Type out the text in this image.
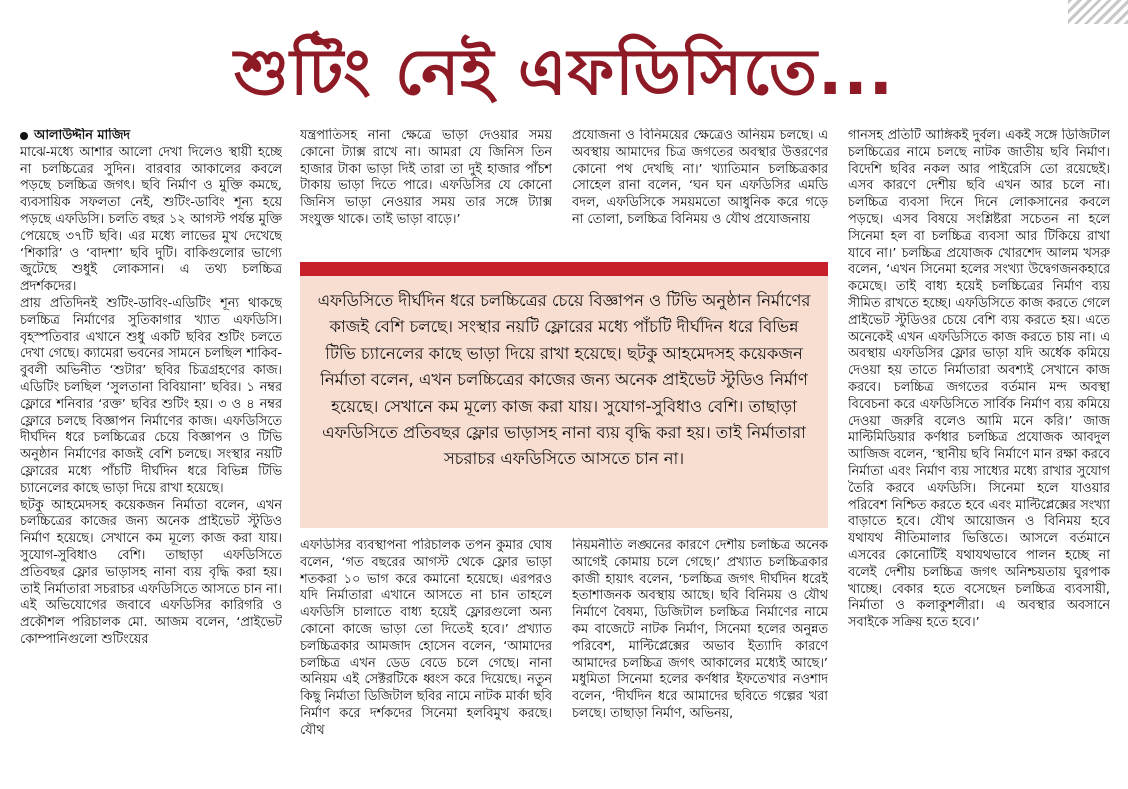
শুটিং নেই এফডিসিতে...

আলাউদ্দীন মাজিদ

মাঝে-মধ্যে আশার আলো দেখা দিলেও স্থায়ী হচ্ছে না চলচ্চিত্রের সুদিন। বারবার আকালের কবলে পড়ছে চলচ্চিত্র জগৎ। ছবি নির্মাণ ও মুক্তি কমছে, ব্যবসায়িক সফলতা নেই, শুটিং-ডাবিং শূন্য হয়ে পড়ছে এফডিসি। চলতি বছর ১২ আগস্ট পর্যন্ত মুক্তি পেয়েছে ৩৭টি ছবি। এর মধ্যে লাভের মুখ দেখেছে ‘শিকারি’ ও ‘বাদশা’ ছবি দুটি। বাকিগুলোর ভাগ্যে জুটেছে শুধুই লোকসান। এ তথ্য চলচ্চিত্র প্রদর্শকদের।

প্রায় প্রতিদিনই শুটিং-ডাবিং-এডিটিং শূন্য থাকছে চলচ্চিত্র নির্মাণের সুতিকাগার খ্যাত এফডিসি। বৃহস্পতিবার এখানে শুধু একটি ছবির শুটিং চলতে দেখা গেছে। ক্যামেরা ভবনের সামনে চলছিল শাকিব-বুবলী অভিনীত ‘শুটার’ ছবির চিত্রগ্রহণের কাজ। এডিটিং চলছিল ‘সুলতানা বিবিয়ানা’ ছবির। ১ নম্বর ফ্লোরে শনিবার ‘রক্ত’ ছবির শুটিং হয়। ৩ ও ৪ নম্বর ফ্লোরে চলছে বিজ্ঞাপন নির্মাণের কাজ। এফডিসিতে দীর্ঘদিন ধরে চলচ্চিত্রের চেয়ে বিজ্ঞাপন ও টিভি অনুষ্ঠান নির্মাণের কাজই বেশি চলছে। সংস্থার নয়টি ফ্লোরের মধ্যে পাঁচটি দীর্ঘদিন ধরে বিভিন্ন টিভি চ্যানেলের কাছে ভাড়া দিয়ে রাখা হয়েছে।

ছটকু আহমেদসহ কয়েকজন নির্মাতা বলেন, এখন চলচ্চিত্রের কাজের জন্য অনেক প্রাইভেট স্টুডিও নির্মাণ হয়েছে। সেখানে কম মূল্যে কাজ করা যায়। সুযোগ-সুবিধাও বেশি। তাছাড়া এফডিসিতে প্রতিবছর ফ্লোর ভাড়াসহ নানা ব্যয় বৃদ্ধি করা হয়। তাই নির্মাতারা সচরাচর এফডিসিতে আসতে চান না।

এই অভিযোগের জবাবে এফডিসির কারিগরি ও প্রকৌশল পরিচালক মো. আজম বলেন, ‘প্রাইভেট কোম্পানিগুলো শুটিংয়ের

যন্ত্রপাতিসহ নানা ক্ষেত্রে ভাড়া দেওয়ার সময় কোনো ট্যাক্স রাখে না। আমরা যে জিনিস তিন হাজার টাকা ভাড়া দিই তারা তা দুই হাজার পাঁচশ টাকায় ভাড়া দিতে পারে। এফডিসির যে কোনো জিনিস ভাড়া নেওয়ার সময় তার সঙ্গে ট্যাক্স সংযুক্ত থাকে। তাই ভাড়া বাড়ে।’

প্রযোজনা ও বিনিময়ের ক্ষেত্রেও অনিয়ম চলছে। এ অবস্থায় আমাদের চিত্র জগতের অবস্থার উত্তরণের কোনো পথ দেখছি না।’ খ্যাতিমান চলচ্চিত্রকার সোহেল রানা বলেন, ‘ঘন ঘন এফডিসির এমডি বদল, এফডিসিকে সময়মতো আধুনিক করে গড়ে না তোলা, চলচ্চিত্র বিনিময় ও যৌথ প্রযোজনায়

এফডিসিতে দীর্ঘদিন ধরে চলচ্চিত্রের চেয়ে বিজ্ঞাপন ও টিভি অনুষ্ঠান নির্মাণের কাজই বেশি চলছে। সংস্থার নয়টি ফ্লোরের মধ্যে পাঁচটি দীর্ঘদিন ধরে বিভিন্ন টিভি চ্যানেলের কাছে ভাড়া দিয়ে রাখা হয়েছে। ছটকু আহমেদসহ কয়েকজন নির্মাতা বলেন, এখন চলচ্চিত্রের কাজের জন্য অনেক প্রাইভেট স্টুডিও নির্মাণ হয়েছে। সেখানে কম মূল্যে কাজ করা যায়। সুযোগ-সুবিধাও বেশি। তাছাড়া এফডিসিতে প্রতিবছর ফ্লোর ভাড়াসহ নানা ব্যয় বৃদ্ধি করা হয়। তাই নির্মাতারা সচরাচর এফডিসিতে আসতে চান না।

এফডিসির ব্যবস্থাপনা পরিচালক তপন কুমার ঘোষ বলেন, ‘গত বছরের আগস্ট থেকে ফ্লোর ভাড়া শতকরা ১০ ভাগ করে কমানো হয়েছে। এরপরও যদি নির্মাতারা এখানে আসতে না চান তাহলে এফডিসি চালাতে বাধ্য হয়েই ফ্লোরগুলো অন্য কোনো কাজে ভাড়া তো দিতেই হবে।’ প্রখ্যাত চলচ্চিত্রকার আমজাদ হোসেন বলেন, ‘আমাদের চলচ্চিত্র এখন ডেড বেডে চলে গেছে। নানা অনিয়ম এই সেক্টরটিকে ধ্বংস করে দিয়েছে। নতুন কিছু নির্মাতা ডিজিটাল ছবির নামে নাটক মার্কা ছবি নির্মাণ করে দর্শকদের সিনেমা হলবিমুখ করছে। যৌথ

নিয়মনীতি লঙ্ঘনের কারণে দেশীয় চলচ্চিত্র অনেক আগেই কোমায় চলে গেছে।’ প্রখ্যাত চলচ্চিত্রকার কাজী হায়াৎ বলেন, ‘চলচ্চিত্র জগৎ দীর্ঘদিন ধরেই হতাশাজনক অবস্থায় আছে। ছবি বিনিময় ও যৌথ নির্মাণে বৈষম্য, ডিজিটাল চলচ্চিত্র নির্মাণের নামে কম বাজেটে নাটক নির্মাণ, সিনেমা হলের অনুন্নত পরিবেশ, মাল্টিপ্লেক্সের অভাব ইত্যাদি কারণে আমাদের চলচ্চিত্র জগৎ আকালের মধ্যেই আছে।’ মধুমিতা সিনেমা হলের কর্ণধার ইফতেখার নওশাদ বলেন, ‘দীর্ঘদিন ধরে আমাদের ছবিতে গল্পের খরা চলছে। তাছাড়া নির্মাণ, অভিনয়,

গানসহ প্রতিটি আঙ্গিকই দুর্বল। একই সঙ্গে ডিজিটাল চলচ্চিত্রের নামে চলছে নাটক জাতীয় ছবি নির্মাণ। বিদেশি ছবির নকল আর পাইরেসি তো রয়েছেই। এসব কারণে দেশীয় ছবি এখন আর চলে না। চলচ্চিত্র ব্যবসা দিনে দিনে লোকসানের কবলে পড়ছে। এসব বিষয়ে সংশ্লিষ্টরা সচেতন না হলে সিনেমা হল বা চলচ্চিত্র ব্যবসা আর টিকিয়ে রাখা যাবে না।’ চলচ্চিত্র প্রযোজক খোরশেদ আলম খসরু বলেন, ‘এখন সিনেমা হলের সংখ্যা উদ্বেগজনকহারে কমেছে। তাই বাধ্য হয়েই চলচ্চিত্রের নির্মাণ ব্যয় সীমিত রাখতে হচ্ছে। এফডিসিতে কাজ করতে গেলে প্রাইভেট স্টুডিওর চেয়ে বেশি ব্যয় করতে হয়। এতে অনেকেই এখন এফডিসিতে কাজ করতে চায় না। এ অবস্থায় এফডিসির ফ্লোর ভাড়া যদি অর্ধেক কমিয়ে দেওয়া হয় তাতে নির্মাতারা অবশ্যই সেখানে কাজ করবে। চলচ্চিত্র জগতের বর্তমান মন্দ অবস্থা বিবেচনা করে এফডিসিতে সার্বিক নির্মাণ ব্যয় কমিয়ে দেওয়া জরুরি বলেও আমি মনে করি।’ জাজ মাল্টিমিডিয়ার কর্ণধার চলচ্চিত্র প্রযোজক আবদুল আজিজ বলেন, ‘স্থানীয় ছবি নির্মাণে মান রক্ষা করবে নির্মাতা এবং নির্মাণ ব্যয় সাধ্যের মধ্যে রাখার সুযোগ তৈরি করবে এফডিসি। সিনেমা হলে যাওয়ার পরিবেশ নিশ্চিত করতে হবে এবং মাল্টিপ্লেক্সের সংখ্যা বাড়াতে হবে। যৌথ আয়োজন ও বিনিময় হবে যথাযথ নীতিমালার ভিত্তিতে। আসলে বর্তমানে এসবের কোনোটিই যথাযথভাবে পালন হচ্ছে না বলেই দেশীয় চলচ্চিত্র জগৎ অনিশ্চয়তায় ঘুরপাক খাচ্ছে। বেকার হতে বসেছেন চলচ্চিত্র ব্যবসায়ী, নির্মাতা ও কলাকুশলীরা। এ অবস্থার অবসানে সবাইকে সক্রিয় হতে হবে।’
